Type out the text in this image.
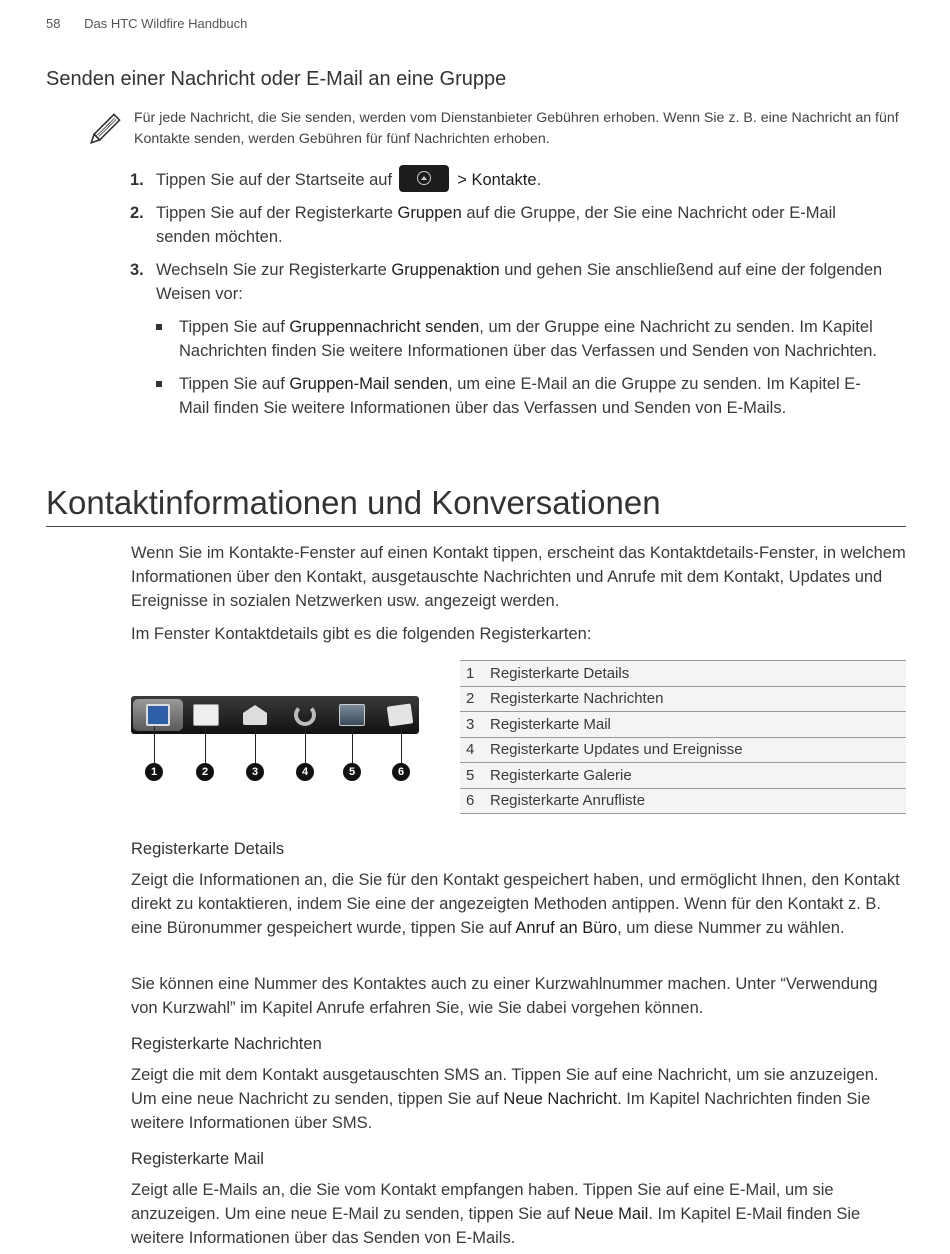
58 Das HTC Wildfire Handbuch
Senden einer Nachricht oder E-Mail an eine Gruppe
Für jede Nachricht, die Sie senden, werden vom Dienstanbieter Gebühren erhoben. Wenn Sie z. B. eine Nachricht an fünf Kontakte senden, werden Gebühren für fünf Nachrichten erhoben.
1. Tippen Sie auf der Startseite auf	> Kontakte.
2. Tippen Sie auf der Registerkarte Gruppen auf die Gruppe, der Sie eine Nachricht oder E-Mail senden möchten.
3. Wechseln Sie zur Registerkarte Gruppenaktion und gehen Sie anschließend auf eine der folgenden Weisen vor:
Tippen Sie auf Gruppennachricht senden, um der Gruppe eine Nachricht zu senden. Im Kapitel Nachrichten finden Sie weitere Informationen über das Verfassen und Senden von Nachrichten.
Tippen Sie auf Gruppen-Mail senden, um eine E-Mail an die Gruppe zu senden. Im Kapitel E-Mail finden Sie weitere Informationen über das Verfassen und Senden von E-Mails.
Kontaktinformationen und Konversationen
Wenn Sie im Kontakte-Fenster auf einen Kontakt tippen, erscheint das Kontaktdetails-Fenster, in welchem Informationen über den Kontakt, ausgetauschte Nachrichten und Anrufe mit dem Kontakt, Updates und Ereignisse in sozialen Netzwerken usw. angezeigt werden.
Im Fenster Kontaktdetails gibt es die folgenden Registerkarten:
1	2	3	4	5	6
1	Registerkarte Details
2	Registerkarte Nachrichten
3	Registerkarte Mail
4	Registerkarte Updates und Ereignisse
5	Registerkarte Galerie
6	Registerkarte Anrufliste
Registerkarte Details
Zeigt die Informationen an, die Sie für den Kontakt gespeichert haben, und ermöglicht Ihnen, den Kontakt direkt zu kontaktieren, indem Sie eine der angezeigten Methoden antippen. Wenn für den Kontakt z. B. eine Büronummer gespeichert wurde, tippen Sie auf Anruf an Büro, um diese Nummer zu wählen.
Sie können eine Nummer des Kontaktes auch zu einer Kurzwahlnummer machen. Unter “Verwendung von Kurzwahl” im Kapitel Anrufe erfahren Sie, wie Sie dabei vorgehen können.
Registerkarte Nachrichten
Zeigt die mit dem Kontakt ausgetauschten SMS an. Tippen Sie auf eine Nachricht, um sie anzuzeigen. Um eine neue Nachricht zu senden, tippen Sie auf Neue Nachricht. Im Kapitel Nachrichten finden Sie weitere Informationen über SMS.
Registerkarte Mail
Zeigt alle E-Mails an, die Sie vom Kontakt empfangen haben. Tippen Sie auf eine E-Mail, um sie anzuzeigen. Um eine neue E-Mail zu senden, tippen Sie auf Neue Mail. Im Kapitel E-Mail finden Sie weitere Informationen über das Senden von E-Mails.
